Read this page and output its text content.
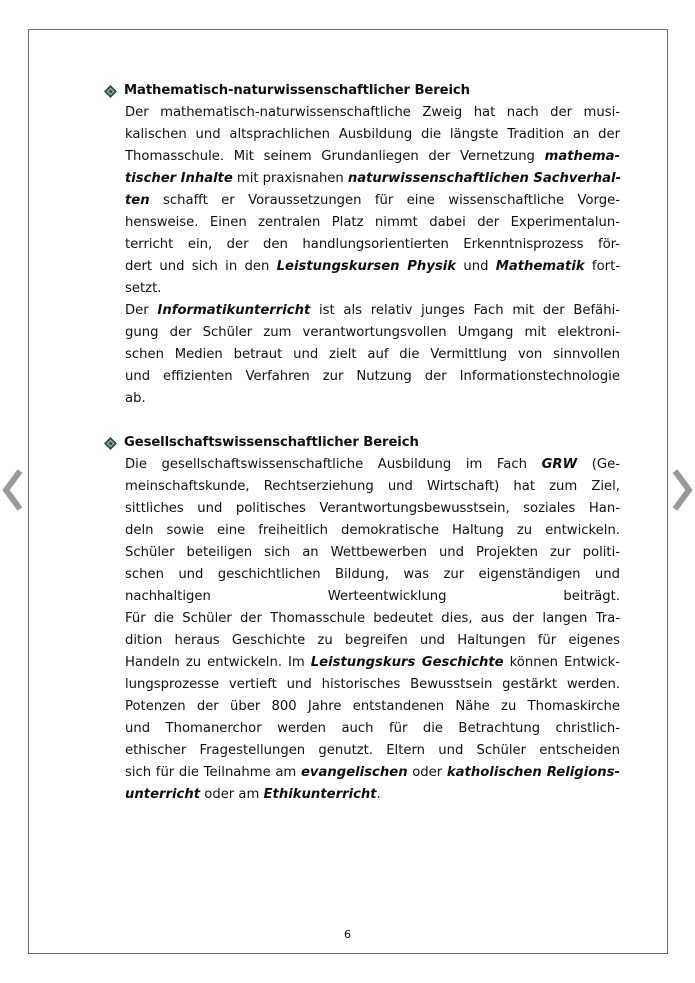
Mathematisch-naturwissenschaftlicher Bereich
Der mathematisch-naturwissenschaftliche Zweig hat nach der musi-
kalischen und altsprachlichen Ausbildung die längste Tradition an der
Thomasschule. Mit seinem Grundanliegen der Vernetzung mathema-
tischer Inhalte mit praxisnahen naturwissenschaftlichen Sachverhal-
ten schafft er Voraussetzungen für eine wissenschaftliche Vorge-
hensweise. Einen zentralen Platz nimmt dabei der Experimentalun-
terricht ein, der den handlungsorientierten Erkenntnisprozess för-
dert und sich in den Leistungskursen Physik und Mathematik fort-
setzt.
Der Informatikunterricht ist als relativ junges Fach mit der Befähi-
gung der Schüler zum verantwortungsvollen Umgang mit elektroni-
schen Medien betraut und zielt auf die Vermittlung von sinnvollen
und effizienten Verfahren zur Nutzung der Informationstechnologie
ab.
Gesellschaftswissenschaftlicher Bereich
Die gesellschaftswissenschaftliche Ausbildung im Fach GRW (Ge-
meinschaftskunde, Rechtserziehung und Wirtschaft) hat zum Ziel,
sittliches und politisches Verantwortungsbewusstsein, soziales Han-
deln sowie eine freiheitlich demokratische Haltung zu entwickeln.
Schüler beteiligen sich an Wettbewerben und Projekten zur politi-
schen und geschichtlichen Bildung, was zur eigenständigen und
nachhaltigen Werteentwicklung beiträgt.
Für die Schüler der Thomasschule bedeutet dies, aus der langen Tra-
dition heraus Geschichte zu begreifen und Haltungen für eigenes
Handeln zu entwickeln. Im Leistungskurs Geschichte können Entwick-
lungsprozesse vertieft und historisches Bewusstsein gestärkt werden.
Potenzen der über 800 Jahre entstandenen Nähe zu Thomaskirche
und Thomanerchor werden auch für die Betrachtung christlich-
ethischer Fragestellungen genutzt. Eltern und Schüler entscheiden
sich für die Teilnahme am evangelischen oder katholischen Religions-
unterricht oder am Ethikunterricht.
6
